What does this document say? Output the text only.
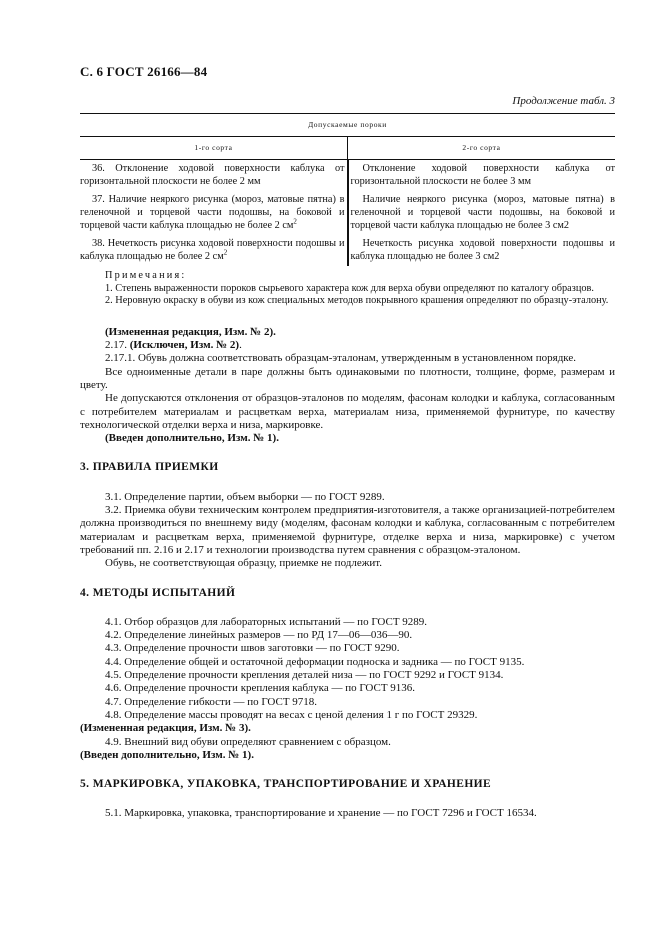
С. 6 ГОСТ 26166—84
Продолжение табл. 3
Допускаемые пороки	
1-го сорта	2-го сорта
36. Отклонение ходовой поверхности каблука от горизонтальной плоскости не более 2 мм	Отклонение ходовой поверхности каблука от горизонтальной плоскости не более 3 мм
37. Наличие неяркого рисунка (мороз, матовые пятна) в геленочной и торцевой части подошвы, на боковой и торцевой части каблука площадью не более 2 $см^2$	Наличие неяркого рисунка (мороз, матовые пятна) в геленочной и торцевой части подошвы, на боковой и торцевой части каблука площадью не более 3 см2
38. Нечеткость рисунка ходовой поверхности подошвы и каблука площадью не более 2 $см^2$	Нечеткость рисунка ходовой поверхности подошвы и каблука площадью не более 3 см2

Примечания:

1. Степень выраженности пороков сырьевого характера кож для верха обуви определяют по каталогу образцов.

2. Неровную окраску в обуви из кож специальных методов покрывного крашения определяют по образцу-эталону.

(Измененная редакция, Изм. № 2).

2.17. (Исключен, Изм. № 2).

2.17.1. Обувь должна соответствовать образцам-эталонам, утвержденным в установленном порядке.

Все одноименные детали в паре должны быть одинаковыми по плотности, толщине, форме, размерам и цвету.

Не допускаются отклонения от образцов-эталонов по моделям, фасонам колодки и каблука, согласованным с потребителем материалам и расцветкам верха, материалам низа, применяемой фурнитуре, по качеству технологической отделки верха и низа, маркировке.

(Введен дополнительно, Изм. № 1).

3. ПРАВИЛА ПРИЕМКИ

3.1. Определение партии, объем выборки — по ГОСТ 9289.

3.2. Приемка обуви техническим контролем предприятия-изготовителя, а также организацией-потребителем должна производиться по внешнему виду (моделям, фасонам колодки и каблука, согласованным с потребителем материалам и расцветкам верха, применяемой фурнитуре, отделке верха и низа, маркировке) с учетом требований пп. 2.16 и 2.17 и технологии производства путем сравнения с образцом-эталоном.

Обувь, не соответствующая образцу, приемке не подлежит.

4. МЕТОДЫ ИСПЫТАНИЙ

4.1. Отбор образцов для лабораторных испытаний — по ГОСТ 9289.

4.2. Определение линейных размеров — по РД 17—06—036—90.

4.3. Определение прочности швов заготовки — по ГОСТ 9290.

4.4. Определение общей и остаточной деформации подноска и задника — по ГОСТ 9135.

4.5. Определение прочности крепления деталей низа — по ГОСТ 9292 и ГОСТ 9134.

4.6. Определение прочности крепления каблука — по ГОСТ 9136.

4.7. Определение гибкости — по ГОСТ 9718.

4.8. Определение массы проводят на весах с ценой деления 1 г по ГОСТ 29329.

(Измененная редакция, Изм. № 3).

4.9. Внешний вид обуви определяют сравнением с образцом.

(Введен дополнительно, Изм. № 1).

5. МАРКИРОВКА, УПАКОВКА, ТРАНСПОРТИРОВАНИЕ И ХРАНЕНИЕ

5.1. Маркировка, упаковка, транспортирование и хранение — по ГОСТ 7296 и ГОСТ 16534.
